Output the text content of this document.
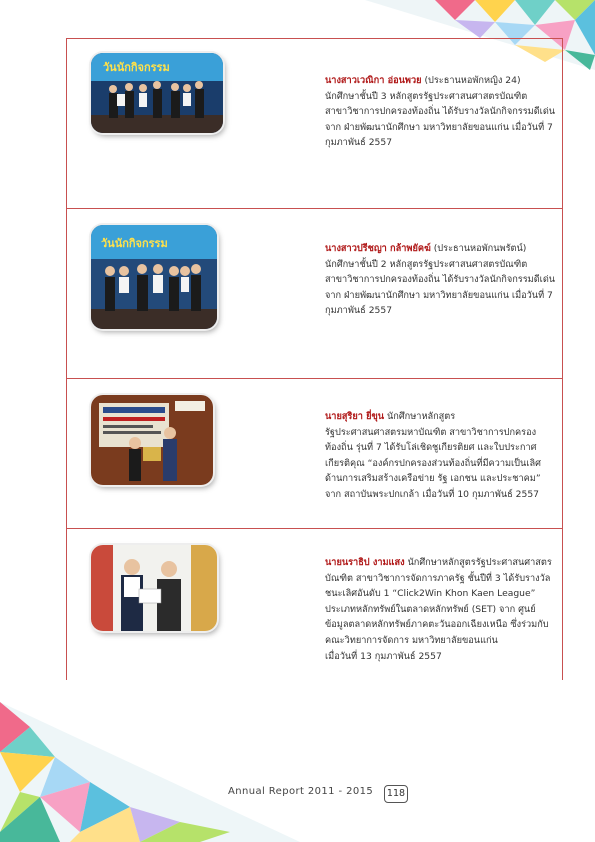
วันนักกิจกรรม
นางสาวเวณิกา อ่อนพวย (ประธานหอพักหญิง 24)
นักศึกษาชั้นปี 3 หลักสูตรรัฐประศาสนศาสตรบัณฑิต
สาขาวิชาการปกครองท้องถิ่น ได้รับรางวัลนักกิจกรรมดีเด่น
จาก ฝ่ายพัฒนานักศึกษา มหาวิทยาลัยขอนแก่น เมื่อวันที่ 7
กุมภาพันธ์ 2557
วันนักกิจกรรม	นางสาวปรีชญา กล้าพยัคฆ์ (ประธานหอพักนพรัตน์)
นักศึกษาชั้นปี 2 หลักสูตรรัฐประศาสนศาสตรบัณฑิต
สาขาวิชาการปกครองท้องถิ่น ได้รับรางวัลนักกิจกรรมดีเด่น
จาก ฝ่ายพัฒนานักศึกษา มหาวิทยาลัยขอนแก่น เมื่อวันที่ 7
กุมภาพันธ์ 2557
นายสุริยา ยี่ขุน นักศึกษาหลักสูตร
รัฐประศาสนศาสตรมหาบัณฑิต สาขาวิชาการปกครอง
ท้องถิ่น รุ่นที่ 7 ได้รับโล่เชิดชูเกียรติยศ และใบประกาศ
เกียรติคุณ “องค์กรปกครองส่วนท้องถิ่นที่มีความเป็นเลิศ
ด้านการเสริมสร้างเครือข่าย รัฐ เอกชน และประชาคม”
จาก สถาบันพระปกเกล้า เมื่อวันที่ 10 กุมภาพันธ์ 2557
นายนราธิป งามแสง นักศึกษาหลักสูตรรัฐประศาสนศาสตร
บัณฑิต สาขาวิชาการจัดการภาครัฐ ชั้นปีที่ 3 ได้รับรางวัล
ชนะเลิศอันดับ 1 “Click2Win Khon Kaen League”
ประเภทหลักทรัพย์ในตลาดหลักทรัพย์ (SET) จาก ศูนย์
ข้อมูลตลาดหลักทรัพย์ภาคตะวันออกเฉียงเหนือ ซึ่งร่วมกับ
คณะวิทยาการจัดการ มหาวิทยาลัยขอนแก่น
เมื่อวันที่ 13 กุมภาพันธ์ 2557
Annual Report 2011 - 2015	118
